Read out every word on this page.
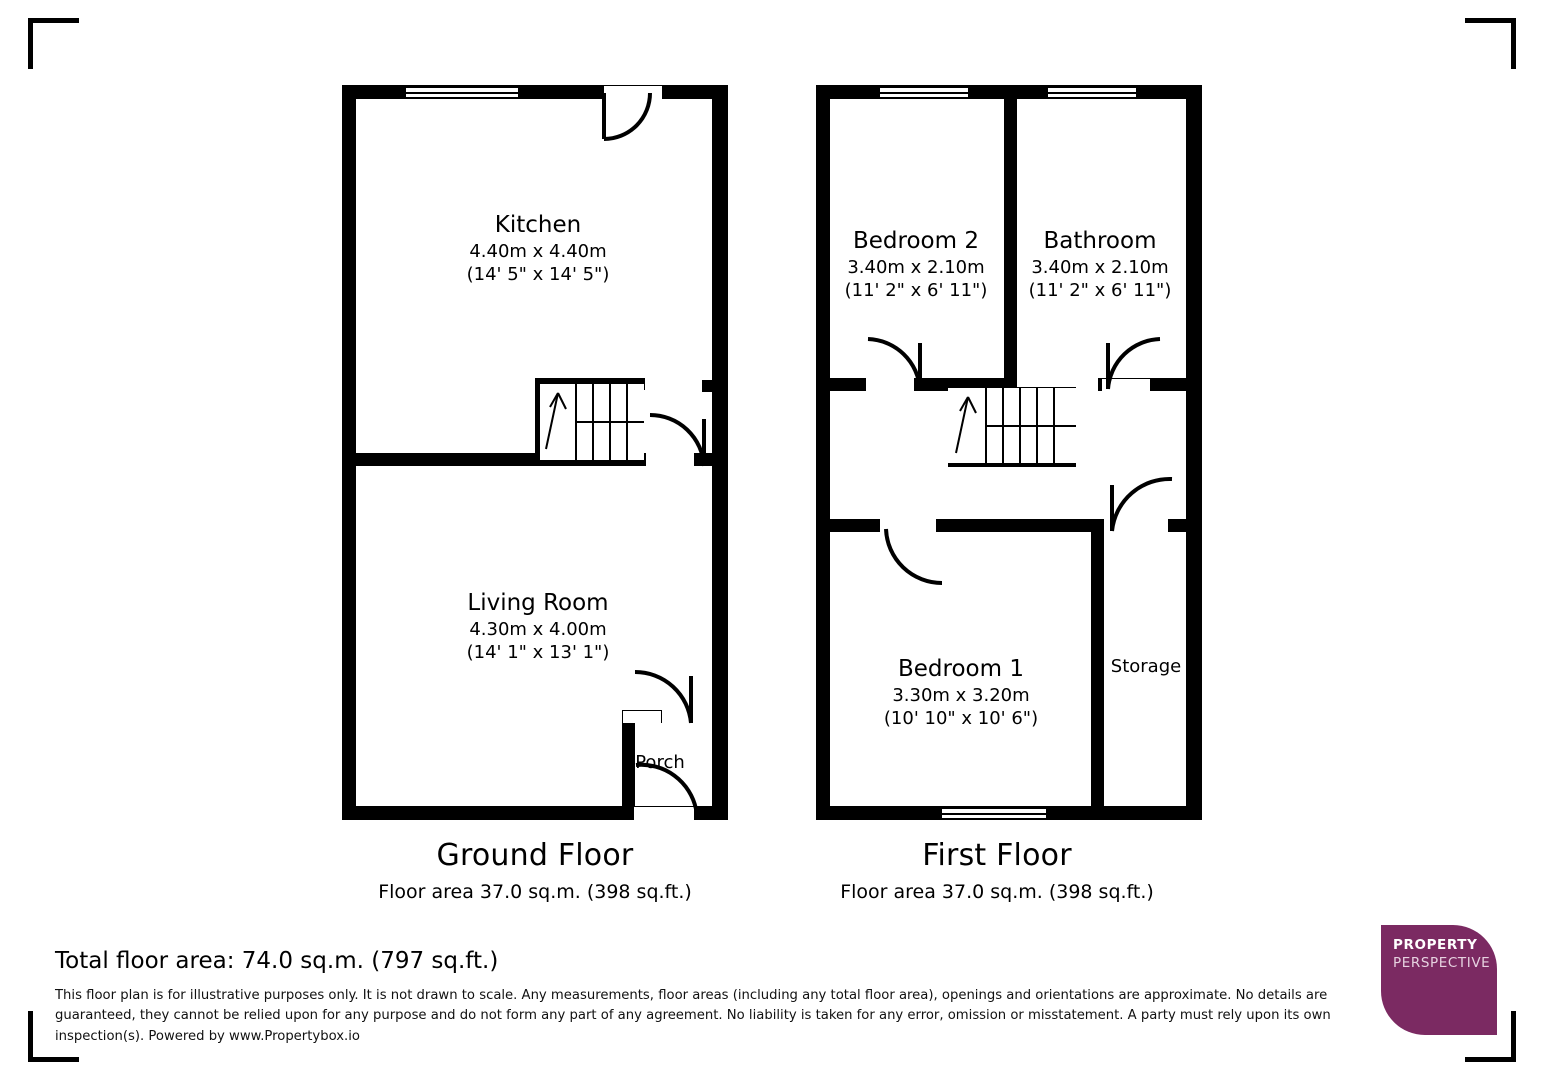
Kitchen
4.40m x 4.40m
(14' 5" x 14' 5")
Living Room
4.30m x 4.00m
(14' 1" x 13' 1")
Porch
Bedroom 2
3.40m x 2.10m
(11' 2" x 6' 11")
Bathroom
3.40m x 2.10m
(11' 2" x 6' 11")
Bedroom 1
3.30m x 3.20m
(10' 10" x 10' 6")
Storage
Ground Floor
Floor area 37.0 sq.m. (398 sq.ft.)
First Floor
Floor area 37.0 sq.m. (398 sq.ft.)
Total floor area: 74.0 sq.m. (797 sq.ft.)
This floor plan is for illustrative purposes only. It is not drawn to scale. Any measurements, floor areas (including any total floor area), openings and orientations are approximate. No details are guaranteed, they cannot be relied upon for any purpose and do not form any part of any agreement. No liability is taken for any error, omission or misstatement. A party must rely upon its own inspection(s). Powered by www.Propertybox.io
PROPERTY
PERSPECTIVE
